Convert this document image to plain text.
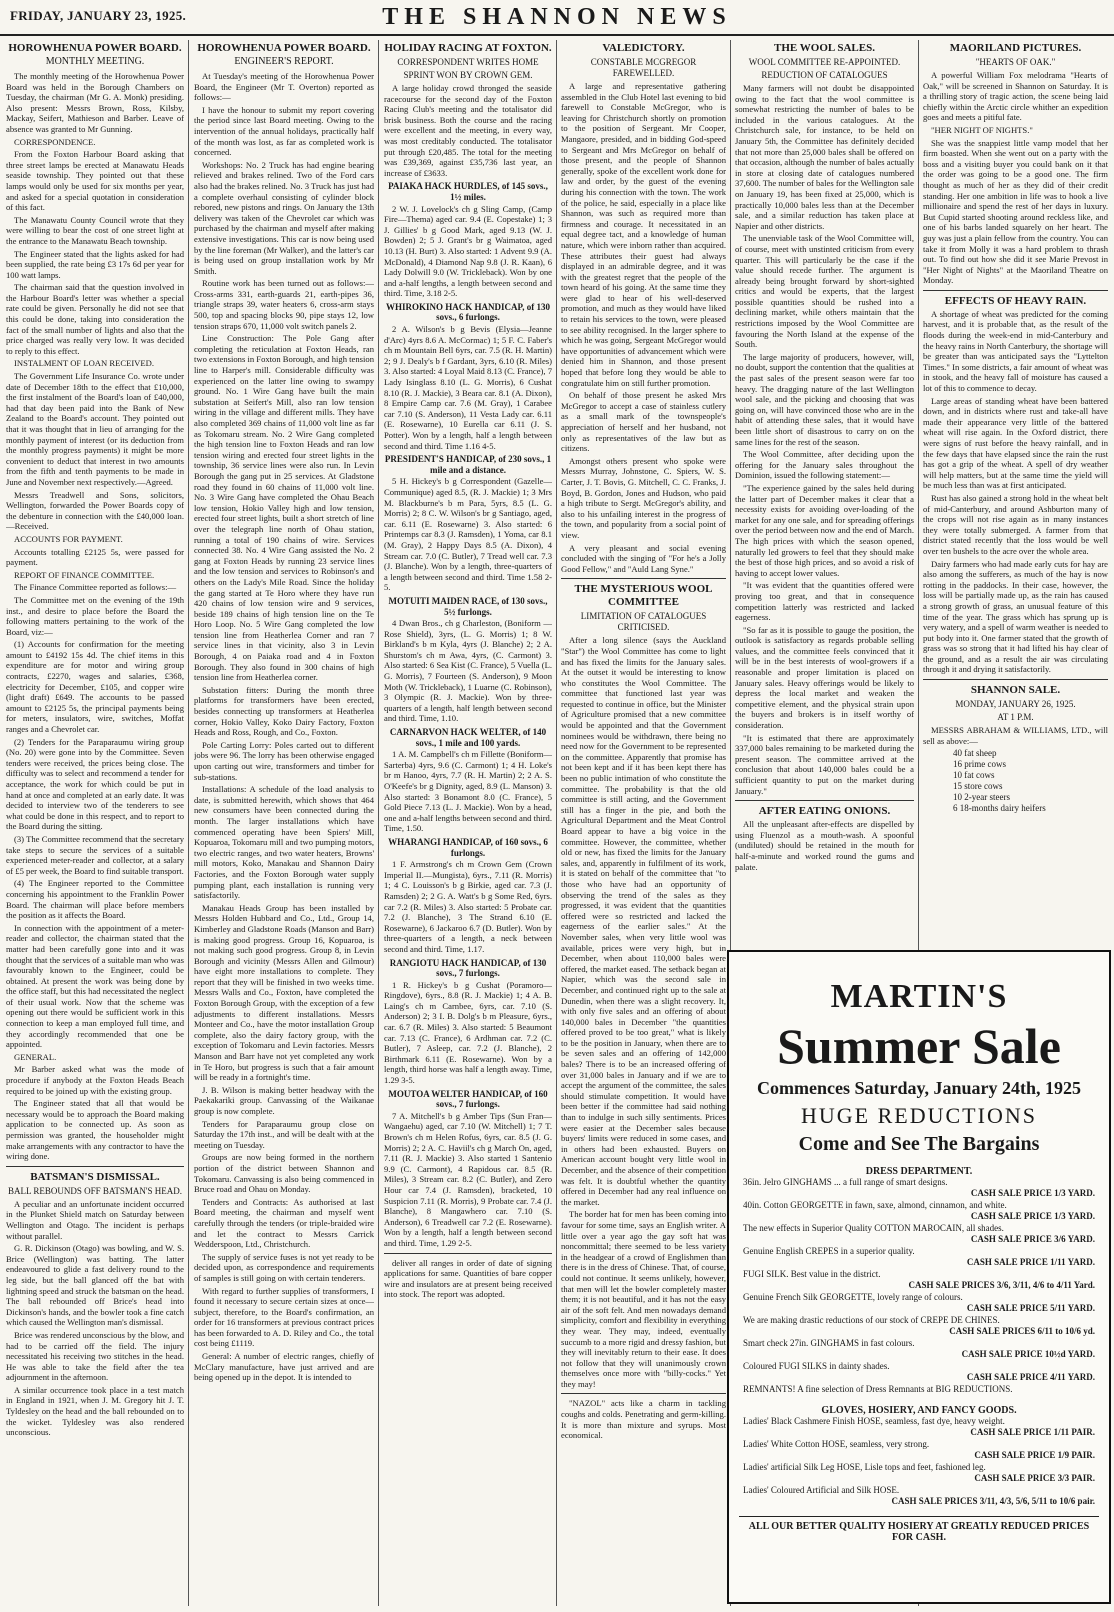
FRIDAY, JANUARY 23, 1925.	THE SHANNON NEWS
HOROWHENUA POWER BOARD.
MONTHLY MEETING.

The monthly meeting of the Horowhenua Power Board was held in the Borough Chambers on Tuesday, the chairman (Mr G. A. Monk) presiding. Also present: Messrs Brown, Ross, Kilsby, Mackay, Seifert, Mathieson and Barber. Leave of absence was granted to Mr Gunning.

CORRESPONDENCE.

From the Foxton Harbour Board asking that three street lamps be erected at Manawatu Heads seaside township. They pointed out that these lamps would only be used for six months per year, and asked for a special quotation in consideration of this fact.

The Manawatu County Council wrote that they were willing to bear the cost of one street light at the entrance to the Manawatu Beach township.

The Engineer stated that the lights asked for had been supplied, the rate being £3 17s 6d per year for 100 watt lamps.

The chairman said that the question involved in the Harbour Board's letter was whether a special rate could be given. Personally he did not see that this could be done, taking into consideration the fact of the small number of lights and also that the price charged was really very low. It was decided to reply to this effect.

INSTALMENT OF LOAN RECEIVED.

The Government Life Insurance Co. wrote under date of December 18th to the effect that £10,000, the first instalment of the Board's loan of £40,000, had that day been paid into the Bank of New Zealand to the Board's account. They pointed out that it was thought that in lieu of arranging for the monthly payment of interest (or its deduction from the monthly progress payments) it might be more convenient to deduct that interest in two amounts from the fifth and tenth payments to be made in June and November next respectively.—Agreed.

Messrs Treadwell and Sons, solicitors, Wellington, forwarded the Power Boards copy of the debenture in connection with the £40,000 loan.—Received.

ACCOUNTS FOR PAYMENT.

Accounts totalling £2125 5s, were passed for payment.

REPORT OF FINANCE COMMITTEE.

The Finance Committee reported as follows:—

The Committee met on the evening of the 19th inst., and desire to place before the Board the following matters pertaining to the work of the Board, viz:—

(1) Accounts for confirmation for the meeting amount to £4192 15s 4d. The chief items in this expenditure are for motor and wiring group contracts, £2270, wages and salaries, £368, electricity for December, £105, and copper wire (light draft) £649. The accounts to be passed amount to £2125 5s, the principal payments being for meters, insulators, wire, switches, Moffat ranges and a Chevrolet car.

(2) Tenders for the Paraparaumu wiring group (No. 20) were gone into by the Committee. Seven tenders were received, the prices being close. The difficulty was to select and recommend a tender for acceptance, the work for which could be put in hand at once and completed at an early date. It was decided to interview two of the tenderers to see what could be done in this respect, and to report to the Board during the sitting.

(3) The Committee recommend that the secretary take steps to secure the services of a suitable experienced meter-reader and collector, at a salary of £5 per week, the Board to find suitable transport.

(4) The Engineer reported to the Committee concerning his appointment to the Franklin Power Board. The chairman will place before members the position as it affects the Board.

In connection with the appointment of a meter-reader and collector, the chairman stated that the matter had been carefully gone into and it was thought that the services of a suitable man who was favourably known to the Engineer, could be obtained. At present the work was being done by the office staff, but this had necessitated the neglect of their usual work. Now that the scheme was opening out there would be sufficient work in this connection to keep a man employed full time, and they accordingly recommended that one be appointed.

GENERAL.

Mr Barber asked what was the mode of procedure if anybody at the Foxton Heads Beach required to be joined up with the existing group.

The Engineer stated that all that would be necessary would be to approach the Board making application to be connected up. As soon as permission was granted, the householder might make arrangements with any contractor to have the wiring done.

BATSMAN'S DISMISSAL.
BALL REBOUNDS OFF BATSMAN'S HEAD.

A peculiar and an unfortunate incident occurred in the Plunket Shield match on Saturday between Wellington and Otago. The incident is perhaps without parallel.

G. R. Dickinson (Otago) was bowling, and W. S. Brice (Wellington) was batting. The latter endeavoured to glide a fast delivery round to the leg side, but the ball glanced off the bat with lightning speed and struck the batsman on the head. The ball rebounded off Brice's head into Dickinson's hands, and the bowler took a fine catch which caused the Wellington man's dismissal.

Brice was rendered unconscious by the blow, and had to be carried off the field. The injury necessitated his receiving two stitches in the head. He was able to take the field after the tea adjournment in the afternoon.

A similar occurrence took place in a test match in England in 1921, when J. M. Gregory hit J. T. Tyldesley on the head and the ball rebounded on to the wicket. Tyldesley was also rendered unconscious.

HOROWHENUA POWER BOARD.
ENGINEER'S REPORT.

At Tuesday's meeting of the Horowhenua Power Board, the Engineer (Mr T. Overton) reported as follows:—

I have the honour to submit my report covering the period since last Board meeting. Owing to the intervention of the annual holidays, practically half of the month was lost, as far as completed work is concerned.

Workshops: No. 2 Truck has had engine bearing relieved and brakes relined. Two of the Ford cars also had the brakes relined. No. 3 Truck has just had a complete overhaul consisting of cylinder block rebored, new pistons and rings. On January the 13th delivery was taken of the Chevrolet car which was purchased by the chairman and myself after making extensive investigations. This car is now being used by the line foreman (Mr Walker), and the latter's car is being used on group installation work by Mr Smith.

Routine work has been turned out as follows:—Cross-arms 331, earth-guards 21, earth-pipes 36, triangle straps 39, water heaters 6, cross-arm stays 500, top and spacing blocks 90, pipe stays 12, low tension straps 670, 11,000 volt switch panels 2.

Line Construction: The Pole Gang after completing the reticulation at Foxton Heads, ran two extensions in Foxton Borough, and high tension line to Harper's mill. Considerable difficulty was experienced on the latter line owing to swampy ground. No. 1 Wire Gang have built the main substation at Seifert's Mill, also ran low tension wiring in the village and different mills. They have also completed 369 chains of 11,000 volt line as far as Tokomaru stream. No. 2 Wire Gang completed the high tension line to Foxton Heads and ran low tension wiring and erected four street lights in the township, 36 service lines were also run. In Levin Borough the gang put in 25 services. At Gladstone road they found in 60 chains of 11,000 volt line. No. 3 Wire Gang have completed the Ohau Beach low tension, Hokio Valley high and low tension, erected four street lights, built a short stretch of line over the telegraph line north of Ohau station, running a total of 190 chains of wire. Services connected 38. No. 4 Wire Gang assisted the No. 2 gang at Foxton Heads by running 23 service lines and the low tension and services to Robinson's and others on the Lady's Mile Road. Since the holiday the gang started at Te Horo where they have run 420 chains of low tension wire and 9 services, beside 189 chains of high tension line on the Te Horo Loop. No. 5 Wire Gang completed the low tension line from Heatherlea Corner and ran 7 service lines in that vicinity, also 3 in Levin Borough, 4 on Paiaka road and 4 in Foxton Borough. They also found in 300 chains of high tension line from Heatherlea corner.

Substation fitters: During the month three platforms for transformers have been erected, besides connecting up transformers at Heatherlea corner, Hokio Valley, Koko Dairy Factory, Foxton Heads and Ross, Rough, and Co., Foxton.

Pole Carting Lorry: Poles carted out to different jobs were 96. The lorry has been otherwise engaged upon carting out wire, transformers and timber for sub-stations.

Installations: A schedule of the load analysis to date, is submitted herewith, which shows that 464 new consumers have been connected during the month. The larger installations which have commenced operating have been Spiers' Mill, Kopuaroa, Tokomaru mill and two pumping motors, two electric ranges, and two water heaters, Browns' mill motors, Koko, Manakau and Shannon Dairy Factories, and the Foxton Borough water supply pumping plant, each installation is running very satisfactorily.

Manakau Heads Group has been installed by Messrs Holden Hubbard and Co., Ltd., Group 14, Kimberley and Gladstone Roads (Manson and Barr) is making good progress. Group 16, Kopuaroa, is not making such good progress. Group 8, in Levin Borough and vicinity (Messrs Allen and Gilmour) have eight more installations to complete. They report that they will be finished in two weeks time. Messrs Walls and Co., Foxton, have completed the Foxton Borough Group, with the exception of a few adjustments to different installations. Messrs Monteer and Co., have the motor installation Group complete, also the dairy factory group, with the exception of Tokomaru and Levin factories. Messrs Manson and Barr have not yet completed any work in Te Horo, but progress is such that a fair amount will be ready in a fortnight's time.

J. B. Wilson is making better headway with the Paekakariki group. Canvassing of the Waikanae group is now complete.

Tenders for Paraparaumu group close on Saturday the 17th inst., and will be dealt with at the meeting on Tuesday.

Groups are now being formed in the northern portion of the district between Shannon and Tokomaru. Canvassing is also being commenced in Bruce road and Ohau on Monday.

Tenders and Contracts: As authorised at last Board meeting, the chairman and myself went carefully through the tenders (or triple-braided wire and let the contract to Messrs Carrick Wedderspoon, Ltd., Christchurch.

The supply of service fuses is not yet ready to be decided upon, as correspondence and requirements of samples is still going on with certain tenderers.

With regard to further supplies of transformers, I found it necessary to secure certain sizes at once—subject, therefore, to the Board's confirmation, an order for 16 transformers at previous contract prices has been forwarded to A. D. Riley and Co., the total cost being £1119.

General: A number of electric ranges, chiefly of McClary manufacture, have just arrived and are being opened up in the depot. It is intended to

HOLIDAY RACING AT FOXTON.
CORRESPONDENT WRITES HOME
SPRINT WON BY CROWN GEM.

A large holiday crowd thronged the seaside racecourse for the second day of the Foxton Racing Club's meeting and the totalisator did brisk business. Both the course and the racing were excellent and the meeting, in every way, was most creditably conducted. The totalisator put through £20,485. The total for the meeting was £39,369, against £35,736 last year, an increase of £3633.

PAIAKA HACK HURDLES, of 145 sovs., 1½ miles.

2 W. J. Lovelock's ch g Sling Camp, (Camp Fire—Thema) aged car. 9.4 (E. Copestake) 1; 3 J. Gillies' b g Good Mark, aged 9.13 (W. J. Bowden) 2; 5 J. Grant's br g Waimatoa, aged 10.13 (H. Burt) 3. Also started: 1 Advent 9.9 (A. McDonald), 4 Diamond Nap 9.8 (J. R. Kaan), 6 Lady Dolwill 9.0 (W. Trickleback). Won by one and a-half lengths, a length between second and third. Time, 3.18 2-5.

WHIROKINO HACK HANDICAP, of 130 sovs., 6 furlongs.

2 A. Wilson's b g Bevis (Elysia—Jeanne d'Arc) 4yrs 8.6 A. McCormac) 1; 5 F. C. Faber's ch m Mountain Bell 6yrs, car. 7.5 (R. H. Martin) 2; 9 J. Dealy's b f Gardant, 3yrs, 6.10 (R. Miles) 3. Also started: 4 Loyal Maid 8.13 (C. France), 7 Lady Isinglass 8.10 (L. G. Morris), 6 Cushat 8.10 (R. J. Mackie), 3 Beara car. 8.1 (A. Dixon), 8 Empire Camp car. 7.6 (M. Gray), 1 Carabee car 7.10 (S. Anderson), 11 Vesta Lady car. 6.11 (E. Rosewarne), 10 Eurella car 6.11 (J. S. Potter). Won by a length, half a length between second and third. Time 1.16 4-5.

PRESIDENT'S HANDICAP, of 230 sovs., 1 mile and a distance.

5 H. Hickey's b g Correspondent (Gazelle—Communique) aged 8.5, (R. J. Mackie) 1; 3 Mrs M. Blackburne's b m Para, 5yrs, 8.5 (L. G. Morris) 2; 8 C. W. Wilson's br g Santiago, aged, car. 6.11 (E. Rosewarne) 3. Also started: 6 Printemps car 8.3 (J. Ramsden), 1 Yoma, car 8.1 (M. Gray), 2 Happy Days 8.5 (A. Dixon), 4 Stream car. 7.0 (C. Butler), 7 Tread well car. 7.3 (J. Blanche). Won by a length, three-quarters of a length between second and third. Time 1.58 2-5.

MOTUITI MAIDEN RACE, of 130 sovs., 5½ furlongs.

4 Dwan Bros., ch g Charleston, (Boniform — Rose Shield), 3yrs, (L. G. Morris) 1; 8 W. Birkland's b m Kyla, 4yrs (J. Blanche) 2; 2 A. Shurstom's ch m Awa, 4yrs, (C. Carmont) 3. Also started: 6 Sea Kist (C. France), 5 Vuella (L. G. Morris), 7 Fourteen (S. Anderson), 9 Moon Moth (W. Trickleback), 1 Luarne (C. Robinson), 3 Olympic (R. J. Mackie). Won by three-quarters of a length, half length between second and third. Time, 1.10.

CARNARVON HACK WELTER, of 140 sovs., 1 mile and 100 yards.

1 A. M. Campbell's ch m Fillette (Boniform—Sarterba) 4yrs, 9.6 (C. Carmont) 1; 4 H. Loke's br m Hanoo, 4yrs, 7.7 (R. H. Martin) 2; 2 A. S. O'Keefe's br g Dignity, aged, 8.9 (L. Manson) 3. Also started: 3 Bonamont 8.0 (C. France), 5 Gold Piece 7.13 (L. J. Mackie). Won by a head, one and a-half lengths between second and third. Time, 1.50.

WHARANGI HANDICAP, of 160 sovs., 6 furlongs.

1 F. Armstrong's ch m Crown Gem (Crown Imperial II.—Mungista), 6yrs., 7.11 (R. Morris) 1; 4 C. Louisson's b g Birkie, aged car. 7.3 (J. Ramsden) 2; 2 G. A. Watt's b g Some Red, 6yrs. car 7.2 (R. Miles) 3. Also started: 5 Probate car. 7.2 (J. Blanche), 3 The Strand 6.10 (E. Rosewarne), 6 Jackaroo 6.7 (D. Butler). Won by three-quarters of a length, a neck between second and third. Time, 1.17.

RANGIOTU HACK HANDICAP, of 130 sovs., 7 furlongs.

1 R. Hickey's b g Cushat (Poramoro—Ringdove), 6yrs., 8.8 (R. J. Mackie) 1; 4 A. B. Laing's ch m Carnbee, 6yrs, car. 7.10 (S. Anderson) 2; 3 I. B. Dolg's b m Pleasure, 6yrs., car. 6.7 (R. Miles) 3. Also started: 5 Beaumont car. 7.13 (C. France), 6 Ardhman car. 7.2 (C. Butler), 7 Asleep, car. 7.2 (J. Blanche), 2 Birthmark 6.11 (E. Rosewarne). Won by a length, third horse was half a length away. Time, 1.29 3-5.

MOUTOA WELTER HANDICAP, of 160 sovs., 7 furlongs.

7 A. Mitchell's b g Amber Tips (Sun Fran—Wangaehu) aged, car 7.10 (W. Mitchell) 1; 7 T. Brown's ch m Helen Rofus, 6yrs, car. 8.5 (J. G. Morris) 2; 2 A. C. Haviil's ch g March On, aged, 7.11 (R. J. Mackie) 3. Also started 1 Santenio 9.9 (C. Carmont), 4 Rapidous car. 8.5 (R. Miles), 3 Stream car. 8.2 (C. Butler), and Zero Hour car 7.4 (J. Ramsden), bracketed, 10 Suspicion 7.11 (R. Morris), 9 Probate car. 7.4 (J. Blanche), 8 Mangawhero car. 7.10 (S. Anderson), 6 Treadwell car 7.2 (E. Rosewarne). Won by a length, half a length between second and third. Time, 1.29 2-5.

deliver all ranges in order of date of signing applications for same. Quantities of bare copper wire and insulators are at present being received into stock. The report was adopted.

VALEDICTORY.
CONSTABLE MCGREGOR FAREWELLED.

A large and representative gathering assembled in the Club Hotel last evening to bid farewell to Constable McGregor, who is leaving for Christchurch shortly on promotion to the position of Sergeant. Mr Cooper, Mangaore, presided, and in bidding God-speed to Sergeant and Mrs McGregor on behalf of those present, and the people of Shannon generally, spoke of the excellent work done for law and order, by the guest of the evening during his connection with the town. The work of the police, he said, especially in a place like Shannon, was such as required more than firmness and courage. It necessitated in an equal degree tact, and a knowledge of human nature, which were inborn rather than acquired. These attributes their guest had always displayed in an admirable degree, and it was with the greatest regret that the people of the town heard of his going. At the same time they were glad to hear of his well-deserved promotion, and much as they would have liked to retain his services to the town, were pleased to see ability recognised. In the larger sphere to which he was going, Sergeant McGregor would have opportunities of advancement which were denied him in Shannon, and those present hoped that before long they would be able to congratulate him on still further promotion.

On behalf of those present he asked Mrs McGregor to accept a case of stainless cutlery as a small mark of the townspeople's appreciation of herself and her husband, not only as representatives of the law but as citizens.

Amongst others present who spoke were Messrs Murray, Johnstone, C. Spiers, W. S. Carter, J. T. Bovis, G. Mitchell, C. C. Franks, J. Boyd, B. Gordon, Jones and Hudson, who paid a high tribute to Sergt. McGregor's ability, and also to his unfailing interest in the progress of the town, and popularity from a social point of view.

A very pleasant and social evening concluded with the singing of "For he's a Jolly Good Fellow," and "Auld Lang Syne."

THE MYSTERIOUS WOOL COMMITTEE
LIMITATION OF CATALOGUES CRITICISED.

After a long silence (says the Auckland "Star") the Wool Committee has come to light and has fixed the limits for the January sales. At the outset it would be interesting to know who constitutes the Wool Committee. The committee that functioned last year was requested to continue in office, but the Minister of Agriculture promised that a new committee would be appointed and that the Government nominees would be withdrawn, there being no need now for the Government to be represented on the committee. Apparently that promise has not been kept and if it has been kept there has been no public intimation of who constitute the committee. The probability is that the old committee is still acting, and the Government still has a finger in the pie, and both the Agricultural Department and the Meat Control Board appear to have a big voice in the committee. However, the committee, whether old or new, has fixed the limits for the January sales, and, apparently in fulfilment of its work, it is stated on behalf of the committee that "to those who have had an opportunity of observing the trend of the sales as they progressed, it was evident that the quantities offered were so restricted and lacked the eagerness of the earlier sales." At the November sales, when very little wool was available, prices were very high, but in December, when about 110,000 bales were offered, the market eased. The setback began at Napier, which was the second sale in December, and continued right up to the sale at Dunedin, when there was a slight recovery. It, with only five sales and an offering of about 140,000 bales in December "the quantities offered proved to be too great," what is likely to be the position in January, when there are to be seven sales and an offering of 142,000 bales? There is to be an increased offering of over 31,000 bales in January and if we are to accept the argument of the committee, the sales should stimulate competition. It would have been better if the committee had said nothing than to indulge in such silly sentiments. Prices were easier at the December sales because buyers' limits were reduced in some cases, and in others had been exhausted. Buyers on American account bought very little wool in December, and the absence of their competition was felt. It is doubtful whether the quantity offered in December had any real influence on the market.

The border hat for men has been coming into favour for some time, says an English writer. A little over a year ago the gay soft hat was noncommittal; there seemed to be less variety in the headgear of a crowd of Englishmen than there is in the dress of Chinese. That, of course, could not continue. It seems unlikely, however, that men will let the bowler completely master them; it is not beautiful, and it has not the easy air of the soft felt. And men nowadays demand simplicity, comfort and flexibility in everything they wear. They may, indeed, eventually succumb to a more rigid and dressy fashion, but they will inevitably return to their ease. It does not follow that they will unanimously crown themselves once more with "billy-cocks." Yet they may!

"NAZOL" acts like a charm in tackling coughs and colds. Penetrating and germ-killing. It is more than mixture and syrups. Most economical.

THE WOOL SALES.
WOOL COMMITTEE RE-APPOINTED.
REDUCTION OF CATALOGUES

Many farmers will not doubt be disappointed owing to the fact that the wool committee is somewhat restricting the number of bales to be included in the various catalogues. At the Christchurch sale, for instance, to be held on January 5th, the Committee has definitely decided that not more than 25,000 bales shall be offered on that occasion, although the number of bales actually in store at closing date of catalogues numbered 37,600. The number of bales for the Wellington sale on January 19, has been fixed at 25,000, which is practically 10,000 bales less than at the December sale, and a similar reduction has taken place at Napier and other districts.

The unenviable task of the Wool Committee will, of course, meet with unstinted criticism from every quarter. This will particularly be the case if the value should recede further. The argument is already being brought forward by short-sighted critics and would be experts, that the largest possible quantities should be rushed into a declining market, while others maintain that the restrictions imposed by the Wool Committee are favouring the North Island at the expense of the South.

The large majority of producers, however, will, no doubt, support the contention that the qualities at the past sales of the present season were far too heavy. The dragging nature of the last Wellington wool sale, and the picking and choosing that was going on, will have convinced those who are in the habit of attending these sales, that it would have been little short of disastrous to carry on on the same lines for the rest of the season.

The Wool Committee, after deciding upon the offering for the January sales throughout the Dominion, issued the following statement:—

"The experience gained by the sales held during the latter part of December makes it clear that a necessity exists for avoiding over-loading of the market for any one sale, and for spreading offerings over the period between now and the end of March. The high prices with which the season opened, naturally led growers to feel that they should make the best of those high prices, and so avoid a risk of having to accept lower values.

"It was evident that the quantities offered were proving too great, and that in consequence competition latterly was restricted and lacked eagerness.

"So far as it is possible to gauge the position, the outlook is satisfactory as regards probable selling values, and the committee feels convinced that it will be in the best interests of wool-growers if a reasonable and proper limitation is placed on January sales. Heavy offerings would be likely to depress the local market and weaken the competitive element, and the physical strain upon the buyers and brokers is in itself worthy of consideration.

"It is estimated that there are approximately 337,000 bales remaining to be marketed during the present season. The committee arrived at the conclusion that about 140,000 bales could be a sufficient quantity to put on the market during January."

AFTER EATING ONIONS.

All the unpleasant after-effects are dispelled by using Fluenzol as a mouth-wash. A spoonful (undiluted) should be retained in the mouth for half-a-minute and worked round the gums and palate.

MAORILAND PICTURES.
"HEARTS OF OAK."

A powerful William Fox melodrama "Hearts of Oak," will be screened in Shannon on Saturday. It is a thrilling story of tragic action, the scene being laid chiefly within the Arctic circle whither an expedition goes and meets a pitiful fate.

"HER NIGHT OF NIGHTS."

She was the snappiest little vamp model that her firm boasted. When she went out on a party with the boss and a visiting buyer you could bank on it that the order was going to be a good one. The firm thought as much of her as they did of their credit standing. Her one ambition in life was to hook a live millionaire and spend the rest of her days in luxury. But Cupid started shooting around reckless like, and one of his barbs landed squarely on her heart. The guy was just a plain fellow from the country. You can take it from Molly it was a hard problem to thrash out. To find out how she did it see Marie Prevost in "Her Night of Nights" at the Maoriland Theatre on Monday.

EFFECTS OF HEAVY RAIN.

A shortage of wheat was predicted for the coming harvest, and it is probable that, as the result of the floods during the week-end in mid-Canterbury and the heavy rains in North Canterbury, the shortage will be greater than was anticipated says the "Lyttelton Times." In some districts, a fair amount of wheat was in stook, and the heavy fall of moisture has caused a lot of this to commence to decay.

Large areas of standing wheat have been battered down, and in districts where rust and take-all have made their appearance very little of the battered wheat will rise again. In the Oxford district, there were signs of rust before the heavy rainfall, and in the few days that have elapsed since the rain the rust has got a grip of the wheat. A spell of dry weather will help matters, but at the same time the yield will be much less than was at first anticipated.

Rust has also gained a strong hold in the wheat belt of mid-Canterbury, and around Ashburton many of the crops will not rise again as in many instances they were totally submerged. A farmer from that district stated recently that the loss would be well over ten bushels to the acre over the whole area.

Dairy farmers who had made early cuts for hay are also among the sufferers, as much of the hay is now rotting in the paddocks. In their case, however, the loss will be partially made up, as the rain has caused a strong growth of grass, an unusual feature of this time of the year. The grass which has sprung up is very watery, and a spell of warm weather is needed to put body into it. One farmer stated that the growth of grass was so strong that it had lifted his hay clear of the ground, and as a result the air was circulating through it and drying it satisfactorily.

SHANNON SALE.
MONDAY, JANUARY 26, 1925.
AT 1 P.M.

MESSRS ABRAHAM & WILLIAMS, LTD., will sell as above:—

40 fat sheep
16 prime cows
10 fat cows
15 store cows
10 2-year steers
6 18-months dairy heifers
MARTIN'S
Summer Sale
Commences Saturday, January 24th, 1925
HUGE REDUCTIONS
Come and See The Bargains
DRESS DEPARTMENT.
36in. Jelro GINGHAMS ... a full range of smart designs.
CASH SALE PRICE 1/3 YARD.
40in. Cotton GEORGETTE in fawn, saxe, almond, cinnamon, and white.
CASH SALE PRICE 1/3 YARD.
The new effects in Superior Quality COTTON MAROCAIN, all shades.
CASH SALE PRICE 3/6 YARD.
Genuine English CREPES in a superior quality.
CASH SALE PRICE 1/11 YARD.
FUGI SILK. Best value in the district.
CASH SALE PRICES 3/6, 3/11, 4/6 to 4/11 Yard.
Genuine French Silk GEORGETTE, lovely range of colours.
CASH SALE PRICE 5/11 YARD.
We are making drastic reductions of our stock of CREPE DE CHINES.
CASH SALE PRICES 6/11 to 10/6 yd.
Smart check 27in. GINGHAMS in fast colours.
CASH SALE PRICE 10½d YARD.
Coloured FUGI SILKS in dainty shades.
CASH SALE PRICE 4/11 YARD.
REMNANTS! A fine selection of Dress Remnants at BIG REDUCTIONS.
GLOVES, HOSIERY, AND FANCY GOODS.
Ladies' Black Cashmere Finish HOSE, seamless, fast dye, heavy weight.
CASH SALE PRICE 1/11 PAIR.
Ladies' White Cotton HOSE, seamless, very strong.
CASH SALE PRICE 1/9 PAIR.
Ladies' artificial Silk Leg HOSE, Lisle tops and feet, fashioned leg.
CASH SALE PRICE 3/3 PAIR.
Ladies' Coloured Artificial and Silk HOSE.
CASH SALE PRICES 3/11, 4/3, 5/6, 5/11 to 10/6 pair.
ALL OUR BETTER QUALITY HOSIERY AT GREATLY REDUCED PRICES FOR CASH.
